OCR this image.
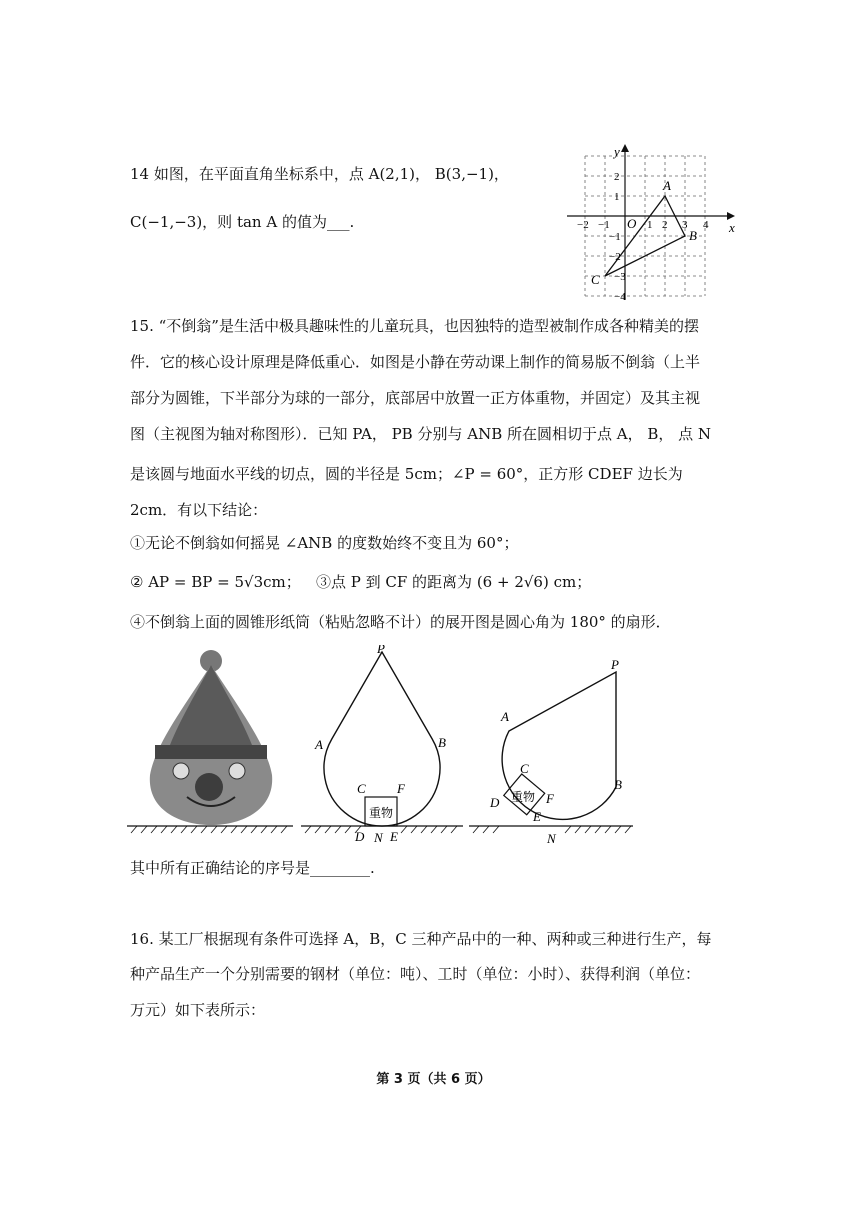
14 如图，在平面直角坐标系中，点 A(2,1)， B(3,−1)，
C(−1,−3)，则 tan A 的值为___.	x
y
O
−2 −1	1 2 3 4
2
1
−1
−2
−3
−4
A
B
C
15. “不倒翁”是生活中极具趣味性的儿童玩具，也因独特的造型被制作成各种精美的摆
件．它的核心设计原理是降低重心．如图是小静在劳动课上制作的简易版不倒翁（上半
部分为圆锥，下半部分为球的一部分，底部居中放置一正方体重物，并固定）及其主视
图（主视图为轴对称图形）．已知 PA， PB 分别与 ANB 所在圆相切于点 A， B， 点 N
是该圆与地面水平线的切点，圆的半径是 5cm；∠P = 60°，正方形 CDEF 边长为
2cm．有以下结论：
①无论不倒翁如何摇晃 ∠ANB 的度数始终不变且为 60°；
② AP = BP = 5√3cm； ③点 P 到 CF 的距离为 (6 + 2√6) cm；
④不倒翁上面的圆锥形纸筒（粘贴忽略不计）的展开图是圆心角为 180° 的扇形．
重物
P
A	B
C F
D N E
重物
P
A
B
C
F
D
E
N
其中所有正确结论的序号是________.
16. 某工厂根据现有条件可选择 A，B，C 三种产品中的一种、两种或三种进行生产，每
种产品生产一个分别需要的钢材（单位：吨）、工时（单位：小时）、获得利润（单位：
万元）如下表所示：
第 3 页（共 6 页）
